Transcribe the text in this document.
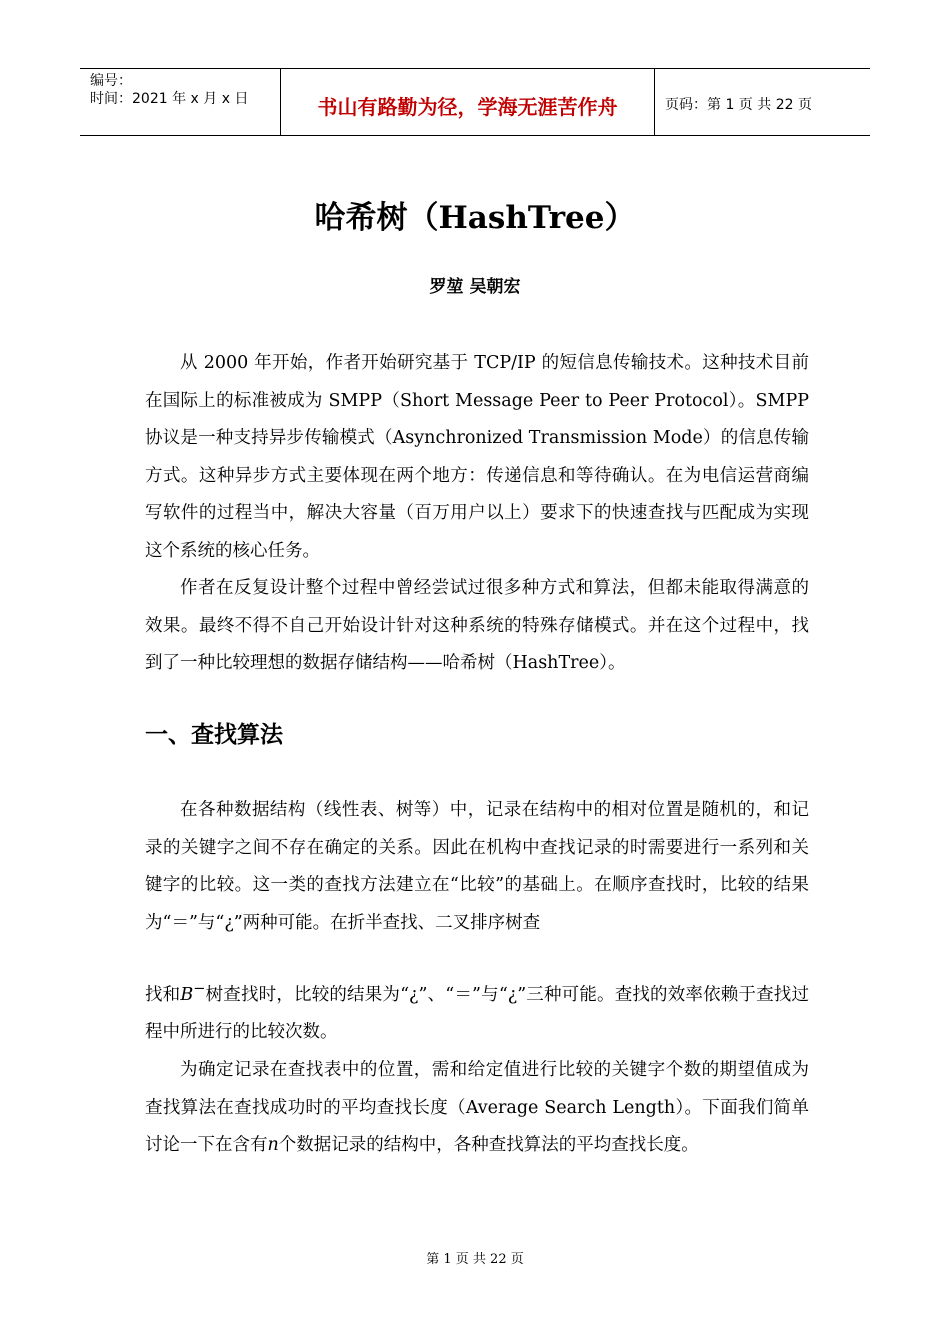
编号：
时间：2021 年 x 月 x 日	书山有路勤为径，学海无涯苦作舟	页码：第 1 页 共 22 页
哈希树（HashTree）
罗堃 吴朝宏

从 2000 年开始，作者开始研究基于 TCP/IP 的短信息传输技术。这种技术目前在国际上的标准被成为 SMPP（Short Message Peer to Peer Protocol）。SMPP 协议是一种支持异步传输模式（Asynchronized Transmission Mode）的信息传输方式。这种异步方式主要体现在两个地方：传递信息和等待确认。在为电信运营商编写软件的过程当中，解决大容量（百万用户以上）要求下的快速查找与匹配成为实现这个系统的核心任务。

作者在反复设计整个过程中曾经尝试过很多种方式和算法，但都未能取得满意的效果。最终不得不自己开始设计针对这种系统的特殊存储模式。并在这个过程中，找到了一种比较理想的数据存储结构——哈希树（HashTree）。

一、查找算法

在各种数据结构（线性表、树等）中，记录在结构中的相对位置是随机的，和记录的关键字之间不存在确定的关系。因此在机构中查找记录的时需要进行一系列和关键字的比较。这一类的查找方法建立在“比较”的基础上。在顺序查找时，比较的结果为“＝”与“¿”两种可能。在折半查找、二叉排序树查

找和B−树查找时，比较的结果为“¿”、“＝”与“¿”三种可能。查找的效率依赖于查找过程中所进行的比较次数。

为确定记录在查找表中的位置，需和给定值进行比较的关键字个数的期望值成为查找算法在查找成功时的平均查找长度（Average Search Length）。下面我们简单讨论一下在含有n个数据记录的结构中，各种查找算法的平均查找长度。

第 1 页 共 22 页
